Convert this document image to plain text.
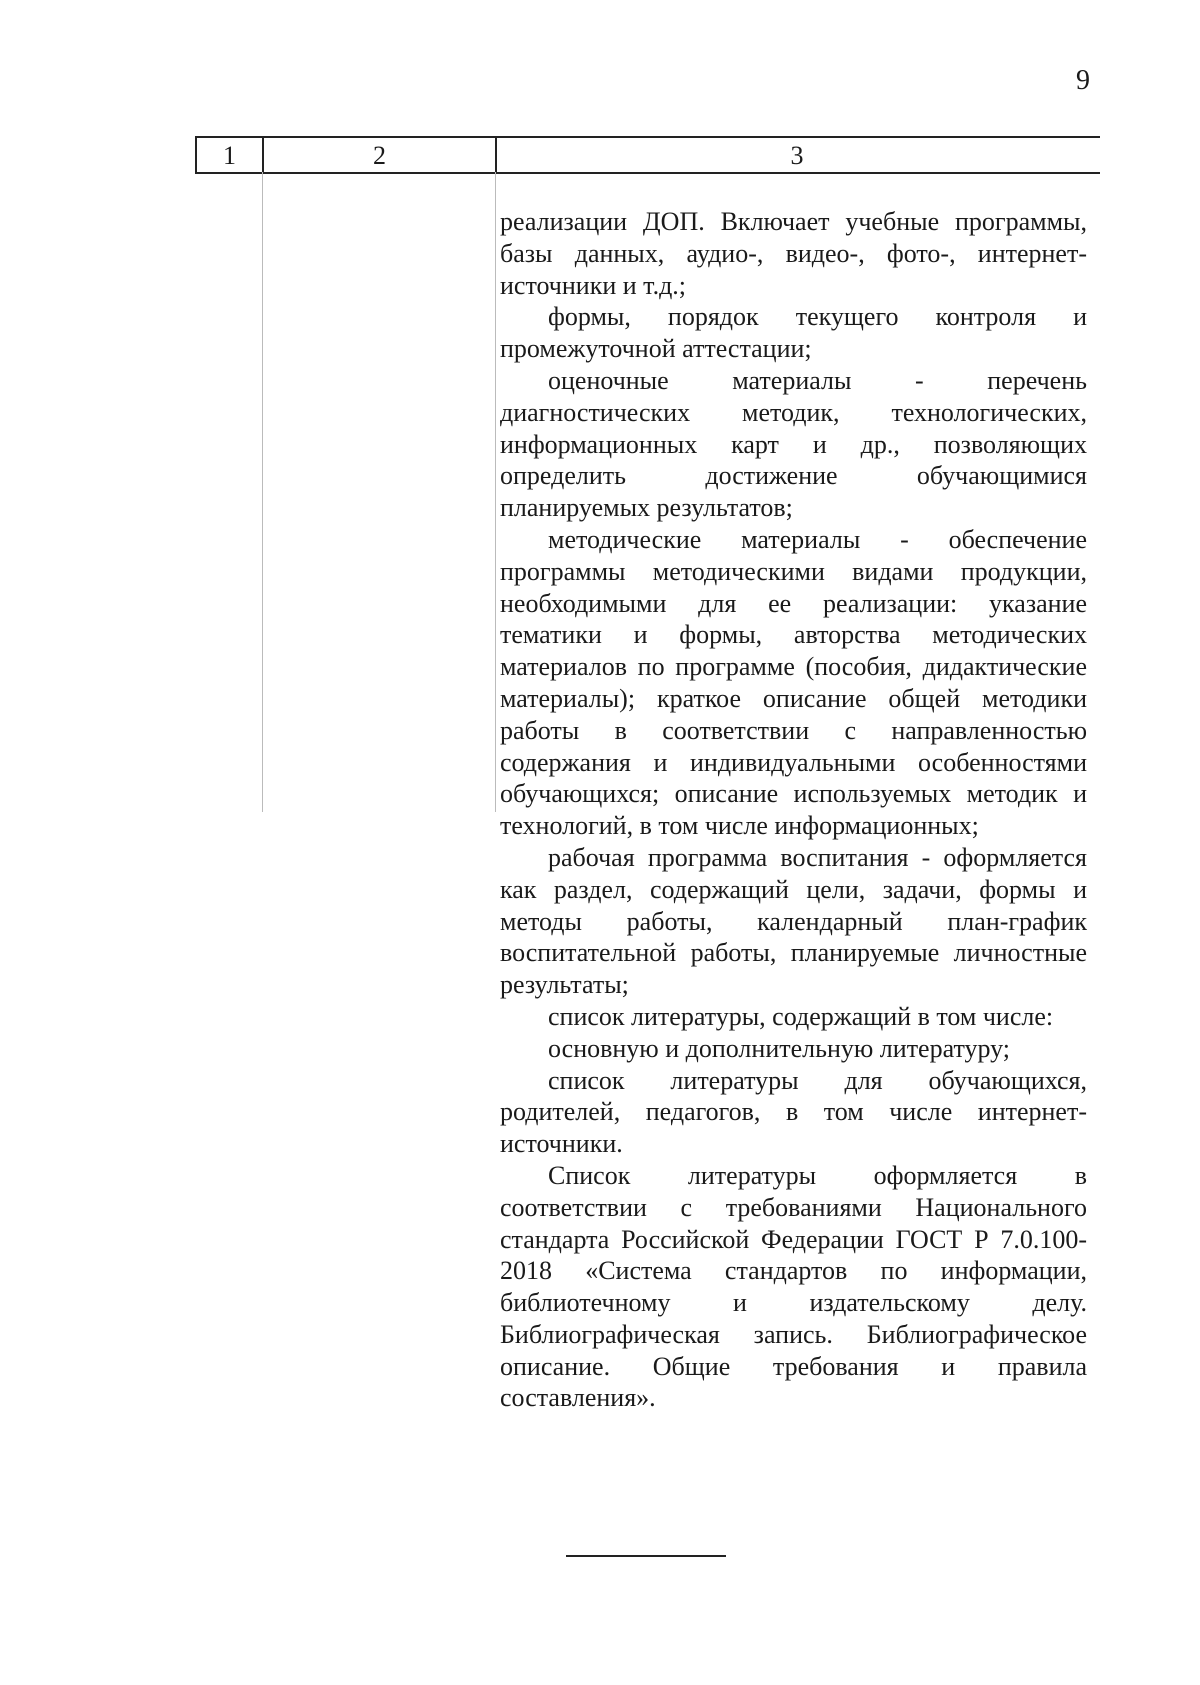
9
1	2	3

реализации ДОП. Включает учебные программы, базы данных, аудио-, видео-, фото-, интернет-источники и т.д.;

формы, порядок текущего контроля и промежуточной аттестации;

оценочные материалы - перечень диагностических методик, технологических, информационных карт и др., позволяющих определить достижение обучающимися планируемых результатов;

методические материалы - обеспечение программы методическими видами продукции, необходимыми для ее реализации: указание тематики и формы, авторства методических материалов по программе (пособия, дидактические материалы); краткое описание общей методики работы в соответствии с направленностью содержания и индивидуальными особенностями обучающихся; описание используемых методик и технологий, в том числе информационных;

рабочая программа воспитания - оформляется как раздел, содержащий цели, задачи, формы и методы работы, календарный план-график воспитательной работы, планируемые личностные результаты;

список литературы, содержащий в том числе:

основную и дополнительную литературу;

список литературы для обучающихся, родителей, педагогов, в том числе интернет-источники.

Список литературы оформляется в соответствии с требованиями Национального стандарта Российской Федерации ГОСТ Р 7.0.100-2018 «Система стандартов по информации, библиотечному и издательскому делу. Библиографическая запись. Библиографическое описание. Общие требования и правила составления».
